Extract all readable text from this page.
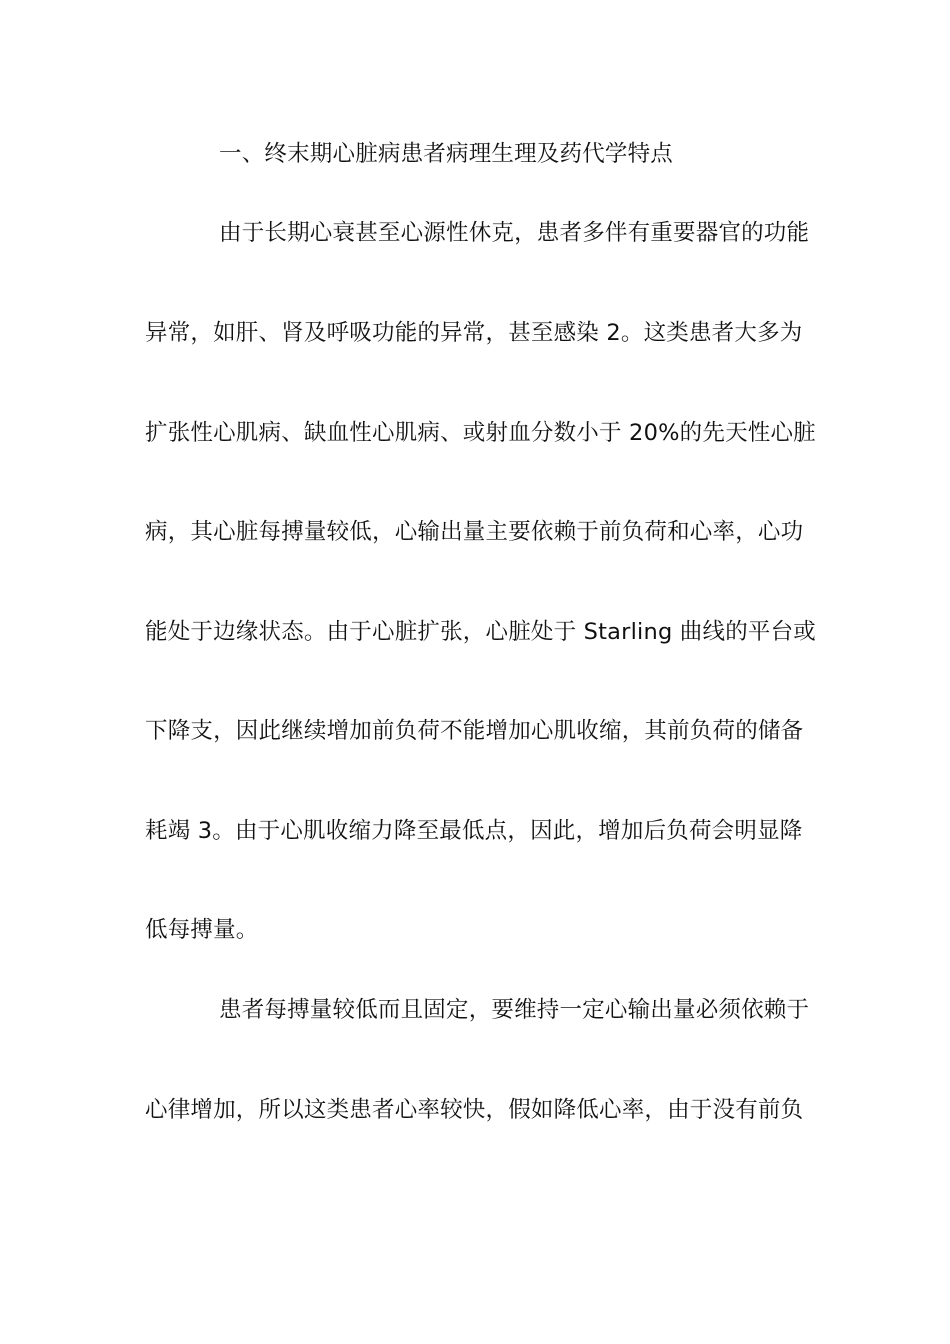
一、终末期心脏病患者病理生理及药代学特点
由于长期心衰甚至心源性休克，患者多伴有重要器官的功能
异常，如肝、肾及呼吸功能的异常，甚至感染 2。这类患者大多为
扩张性心肌病、缺血性心肌病、或射血分数小于 20%的先天性心脏
病，其心脏每搏量较低，心输出量主要依赖于前负荷和心率，心功
能处于边缘状态。由于心脏扩张，心脏处于 Starling 曲线的平台或
下降支，因此继续增加前负荷不能增加心肌收缩，其前负荷的储备
耗竭 3。由于心肌收缩力降至最低点，因此，增加后负荷会明显降
低每搏量。
患者每搏量较低而且固定，要维持一定心输出量必须依赖于
心律增加，所以这类患者心率较快，假如降低心率，由于没有前负
